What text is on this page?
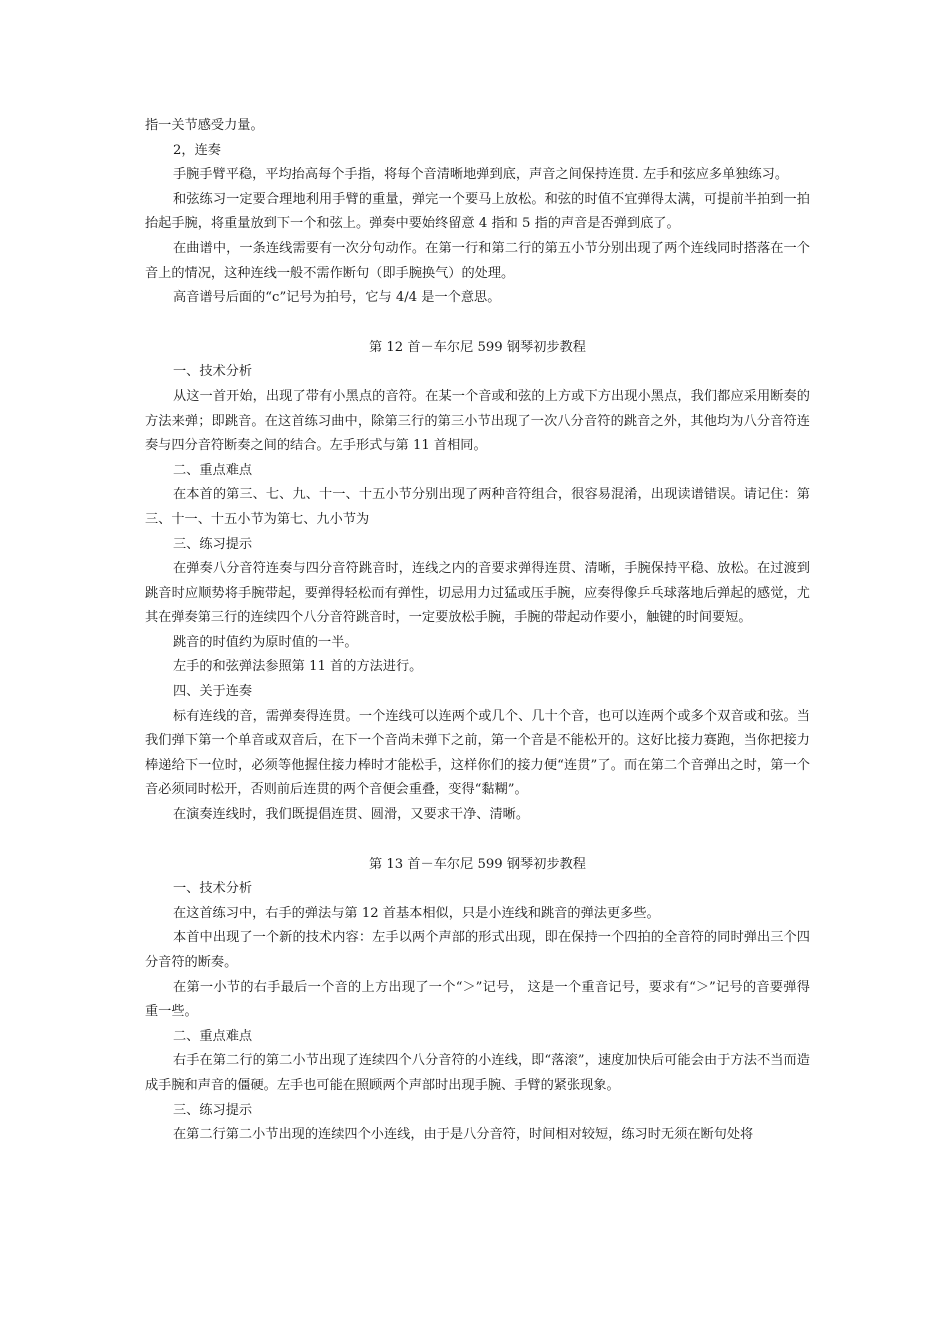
指一关节感受力量。

2，连奏

手腕手臂平稳，平均抬高每个手指，将每个音清晰地弹到底，声音之间保持连贯. 左手和弦应多单独练习。

和弦练习一定要合理地利用手臂的重量，弹完一个要马上放松。和弦的时值不宜弹得太满，可提前半拍到一拍抬起手腕，将重量放到下一个和弦上。弹奏中要始终留意 4 指和 5 指的声音是否弹到底了。

在曲谱中，一条连线需要有一次分句动作。在第一行和第二行的第五小节分别出现了两个连线同时搭落在一个音上的情况，这种连线一般不需作断句（即手腕换气）的处理。

高音谱号后面的“c”记号为拍号，它与 4/4 是一个意思。

第 12 首－车尔尼 599 钢琴初步教程

一、技术分析

从这一首开始，出现了带有小黑点的音符。在某一个音或和弦的上方或下方出现小黑点，我们都应采用断奏的方法来弹；即跳音。在这首练习曲中，除第三行的第三小节出现了一次八分音符的跳音之外，其他均为八分音符连奏与四分音符断奏之间的结合。左手形式与第 11 首相同。

二、重点难点

在本首的第三、七、九、十一、十五小节分别出现了两种音符组合，很容易混淆，出现读谱错误。请记住：第三、十一、十五小节为第七、九小节为

三、练习提示

在弹奏八分音符连奏与四分音符跳音时，连线之内的音要求弹得连贯、清晰，手腕保持平稳、放松。在过渡到跳音时应顺势将手腕带起，要弹得轻松而有弹性，切忌用力过猛或压手腕，应奏得像乒乓球落地后弹起的感觉，尤其在弹奏第三行的连续四个八分音符跳音时，一定要放松手腕，手腕的带起动作要小，触键的时间要短。

跳音的时值约为原时值的一半。

左手的和弦弹法参照第 11 首的方法进行。

四、关于连奏

标有连线的音，需弹奏得连贯。一个连线可以连两个或几个、几十个音，也可以连两个或多个双音或和弦。当我们弹下第一个单音或双音后，在下一个音尚未弹下之前，第一个音是不能松开的。这好比接力赛跑，当你把接力棒递给下一位时，必须等他握住接力棒时才能松手，这样你们的接力便“连贯”了。而在第二个音弹出之时，第一个音必须同时松开，否则前后连贯的两个音便会重叠，变得“黏糊”。

在演奏连线时，我们既提倡连贯、圆滑，又要求干净、清晰。

第 13 首－车尔尼 599 钢琴初步教程

一、技术分析

在这首练习中，右手的弹法与第 12 首基本相似，只是小连线和跳音的弹法更多些。

本首中出现了一个新的技术内容：左手以两个声部的形式出现，即在保持一个四拍的全音符的同时弹出三个四分音符的断奏。

在第一小节的右手最后一个音的上方出现了一个“＞”记号， 这是一个重音记号，要求有“＞”记号的音要弹得重一些。

二、重点难点

右手在第二行的第二小节出现了连续四个八分音符的小连线，即“落滚”，速度加快后可能会由于方法不当而造成手腕和声音的僵硬。左手也可能在照顾两个声部时出现手腕、手臂的紧张现象。

三、练习提示

在第二行第二小节出现的连续四个小连线，由于是八分音符，时间相对较短，练习时无须在断句处将
